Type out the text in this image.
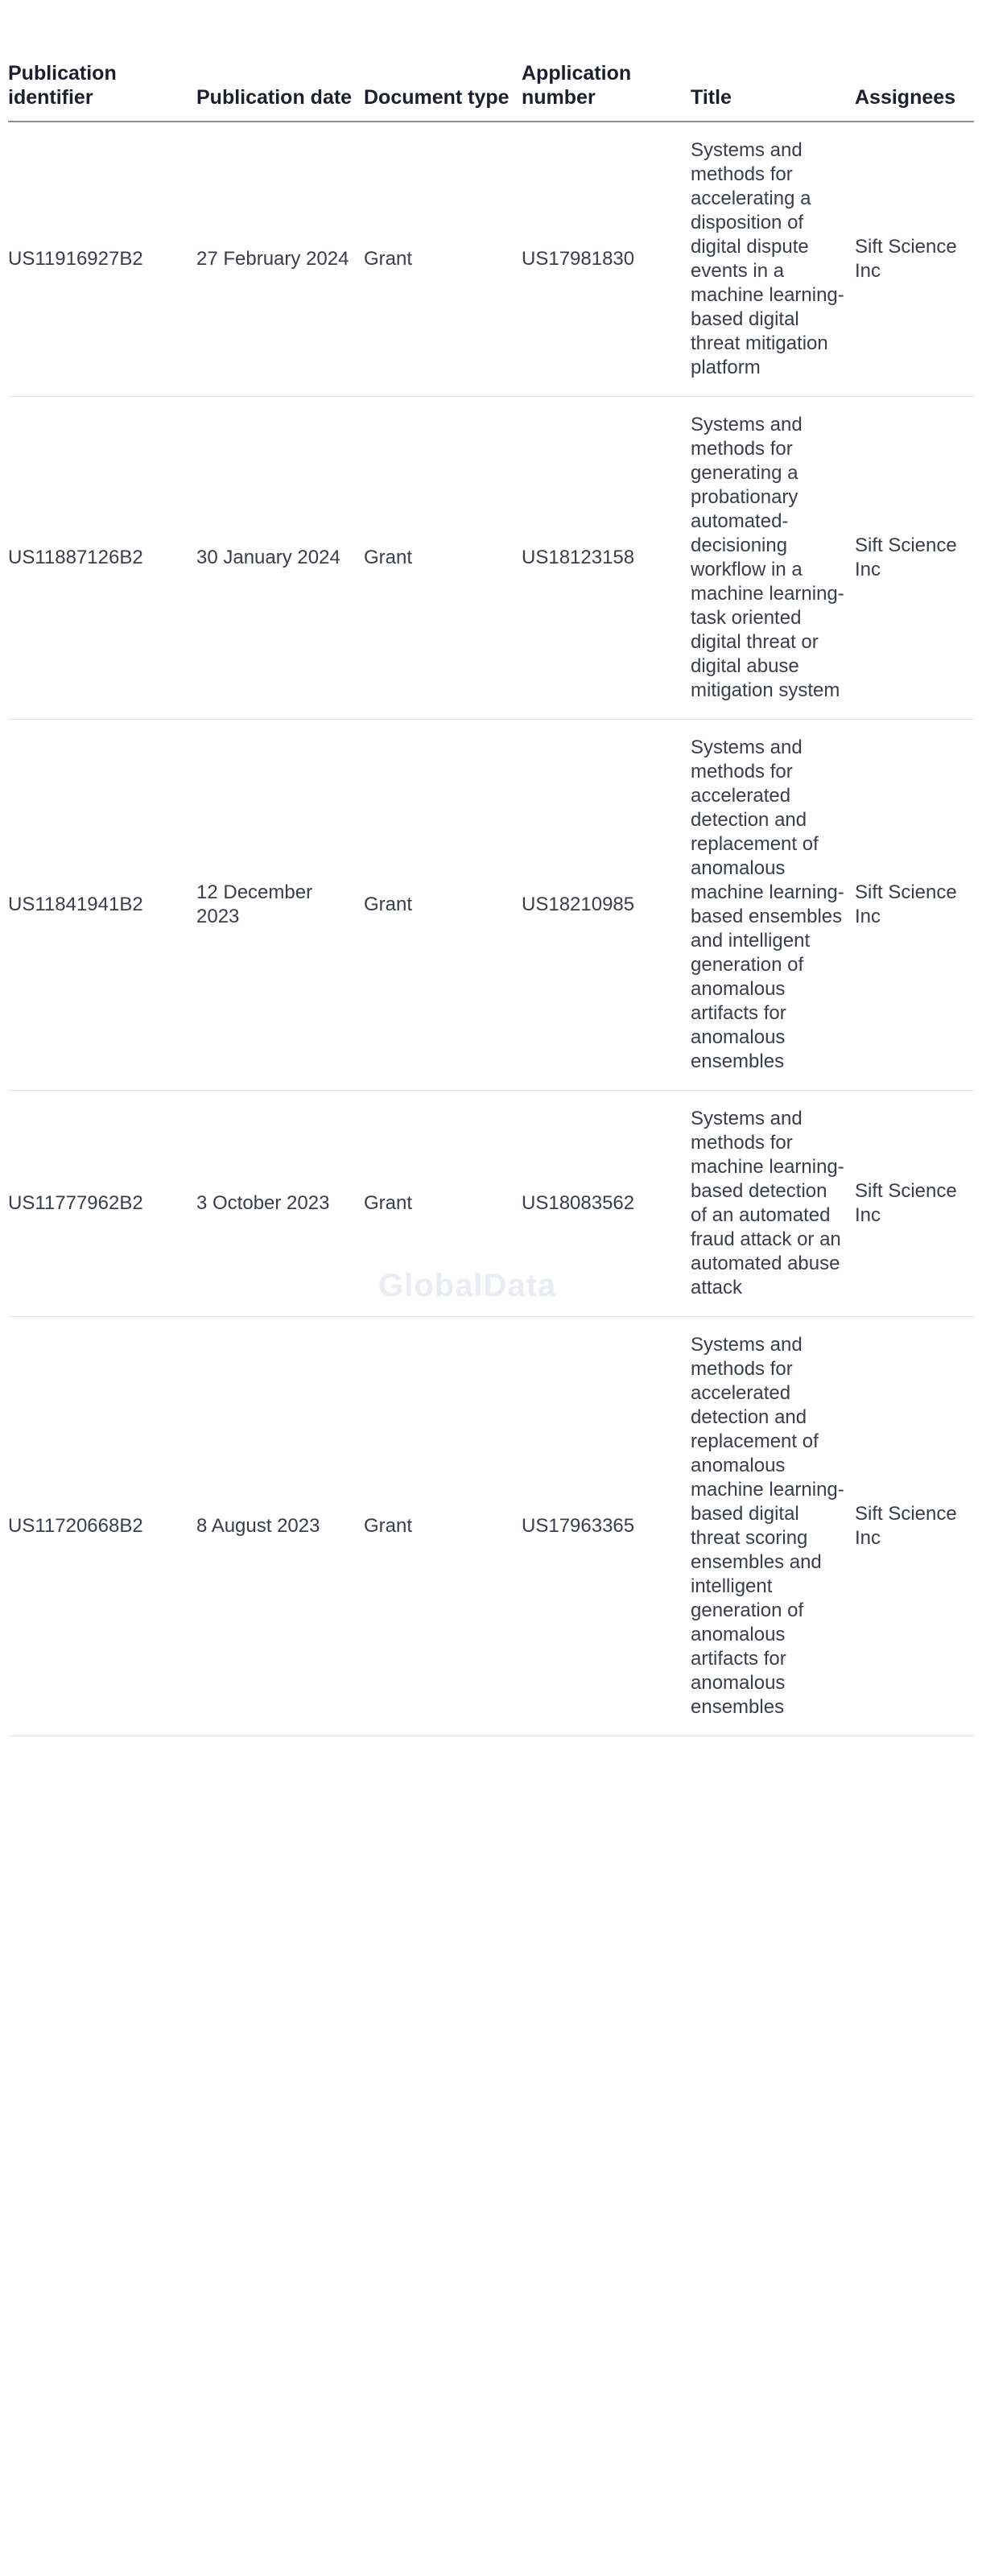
GlobalData
Publication identifier	Publication date	Document type	Application number	Title	Assignees
US11916927B2	27 February 2024	Grant	US17981830	Systems and methods for accelerating a disposition of digital dispute events in a machine learning-based digital threat mitigation platform	Sift Science Inc
US11887126B2	30 January 2024	Grant	US18123158	Systems and methods for generating a probationary automated-decisioning workflow in a machine learning-task oriented digital threat or digital abuse mitigation system	Sift Science Inc
US11841941B2	12 December 2023	Grant	US18210985	Systems and methods for accelerated detection and replacement of anomalous machine learning-based ensembles and intelligent generation of anomalous artifacts for anomalous ensembles	Sift Science Inc
US11777962B2	3 October 2023	Grant	US18083562	Systems and methods for machine learning-based detection of an automated fraud attack or an automated abuse attack	Sift Science Inc
US11720668B2	8 August 2023	Grant	US17963365	Systems and methods for accelerated detection and replacement of anomalous machine learning-based digital threat scoring ensembles and intelligent generation of anomalous artifacts for anomalous ensembles	Sift Science Inc
